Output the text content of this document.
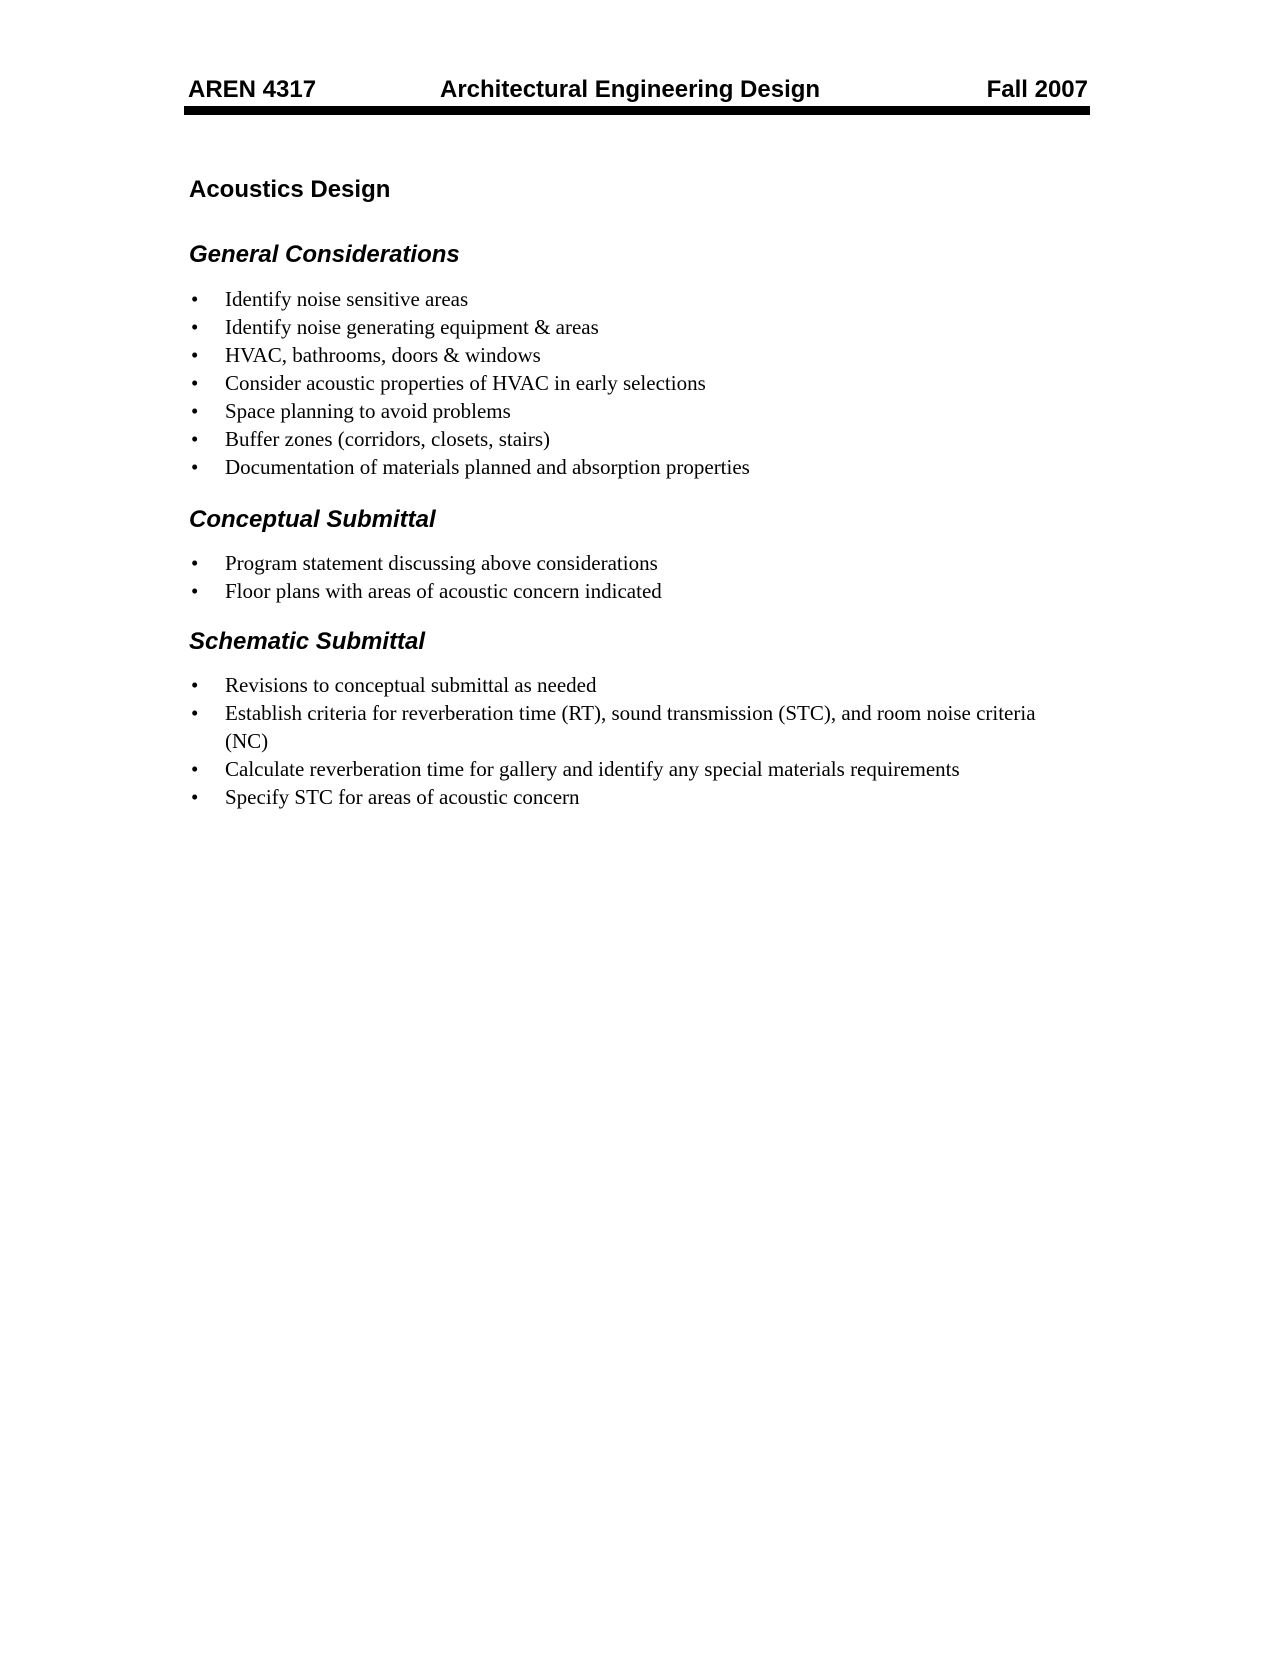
AREN 4317	Architectural Engineering Design	Fall 2007
Acoustics Design
General Considerations
• Identify noise sensitive areas
• Identify noise generating equipment & areas
• HVAC, bathrooms, doors & windows
• Consider acoustic properties of HVAC in early selections
• Space planning to avoid problems
• Buffer zones (corridors, closets, stairs)
• Documentation of materials planned and absorption properties
Conceptual Submittal
• Program statement discussing above considerations
• Floor plans with areas of acoustic concern indicated
Schematic Submittal
• Revisions to conceptual submittal as needed
• Establish criteria for reverberation time (RT), sound transmission (STC), and room noise criteria (NC)
• Calculate reverberation time for gallery and identify any special materials requirements
• Specify STC for areas of acoustic concern
